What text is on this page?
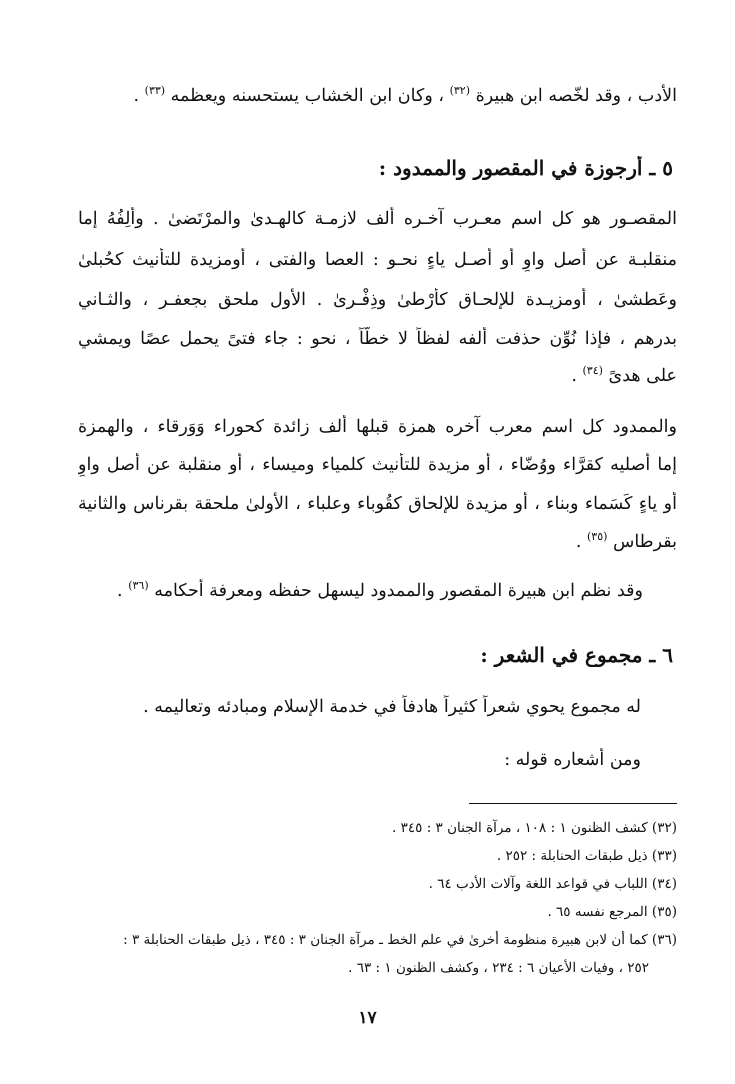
الأدب ، وقد لخّصه ابن هبيرة $^{(٣٢)}$ ، وكان ابن الخشاب يستحسنه ويعظمه $^{(٣٣)}$ .
٥ ـ أرجوزة في المقصور والممدود :
المقصـور هو كل اسم معـرب آخـره ألف لازمـة كالهـدىٰ والمرْتَضىٰ . وألِفُهُ إما
منقلبـة عن أصل واوٍ أو أصـل ياءٍ نحـو : العصا والفتى ، أومزيدة للتأنيث كحُبلىٰ
وعَطشىٰ ، أومزيـدة للإلحـاق كأَرْطىٰ وذِفْـرىٰ . الأول ملحق بجعفـر ، والثـاني
بدرهم ، فإذا نُوِّن حذفت ألفه لفظاً لا خطّاً ، نحو : جاء فتىً يحمل عصًا ويمشي
على هدىً $^{(٣٤)}$ .
والممدود كل اسم معرب آخره همزة قبلها ألف زائدة كحوراء وَوَرقاء ، والهمزة
إما أصليه كقرَّاء ووُضّاء ، أو مزيدة للتأنيث كلمياء وميساء ، أو منقلبة عن أصل واوٍ
أو ياءٍ كَسَماء وبناء ، أو مزيدة للإلحاق كقُوباء وعلباء ، الأولىٰ ملحقة بقرناس والثانية
بقرطاس $^{(٣٥)}$ .
وقد نظم ابن هبيرة المقصور والممدود ليسهل حفظه ومعرفة أحكامه $^{(٣٦)}$ .
٦ ـ مجموع في الشعر :
له مجموع يحوي شعراً كثيراً هادفاً في خدمة الإسلام ومبادئه وتعاليمه .
ومن أشعاره قوله :
(٣٢) كشف الظنون ١ : ١٠٨ ، مرآة الجنان ٣ : ٣٤٥ .
(٣٣) ذيل طبقات الحنابلة : ٢٥٢ .
(٣٤) اللباب في قواعد اللغة وآلات الأدب ٦٤ .
(٣٥) المرجع نفسه ٦٥ .
(٣٦) كما أن لابن هبيرة منظومة أخرىٰ في علم الخط ـ مرآة الجنان ٣ : ٣٤٥ ، ذيل طبقات الحنابلة ٣ :
٢٥٢ ، وفيات الأعيان ٦ : ٢٣٤ ، وكشف الظنون ١ : ٦٣ .
١٧
